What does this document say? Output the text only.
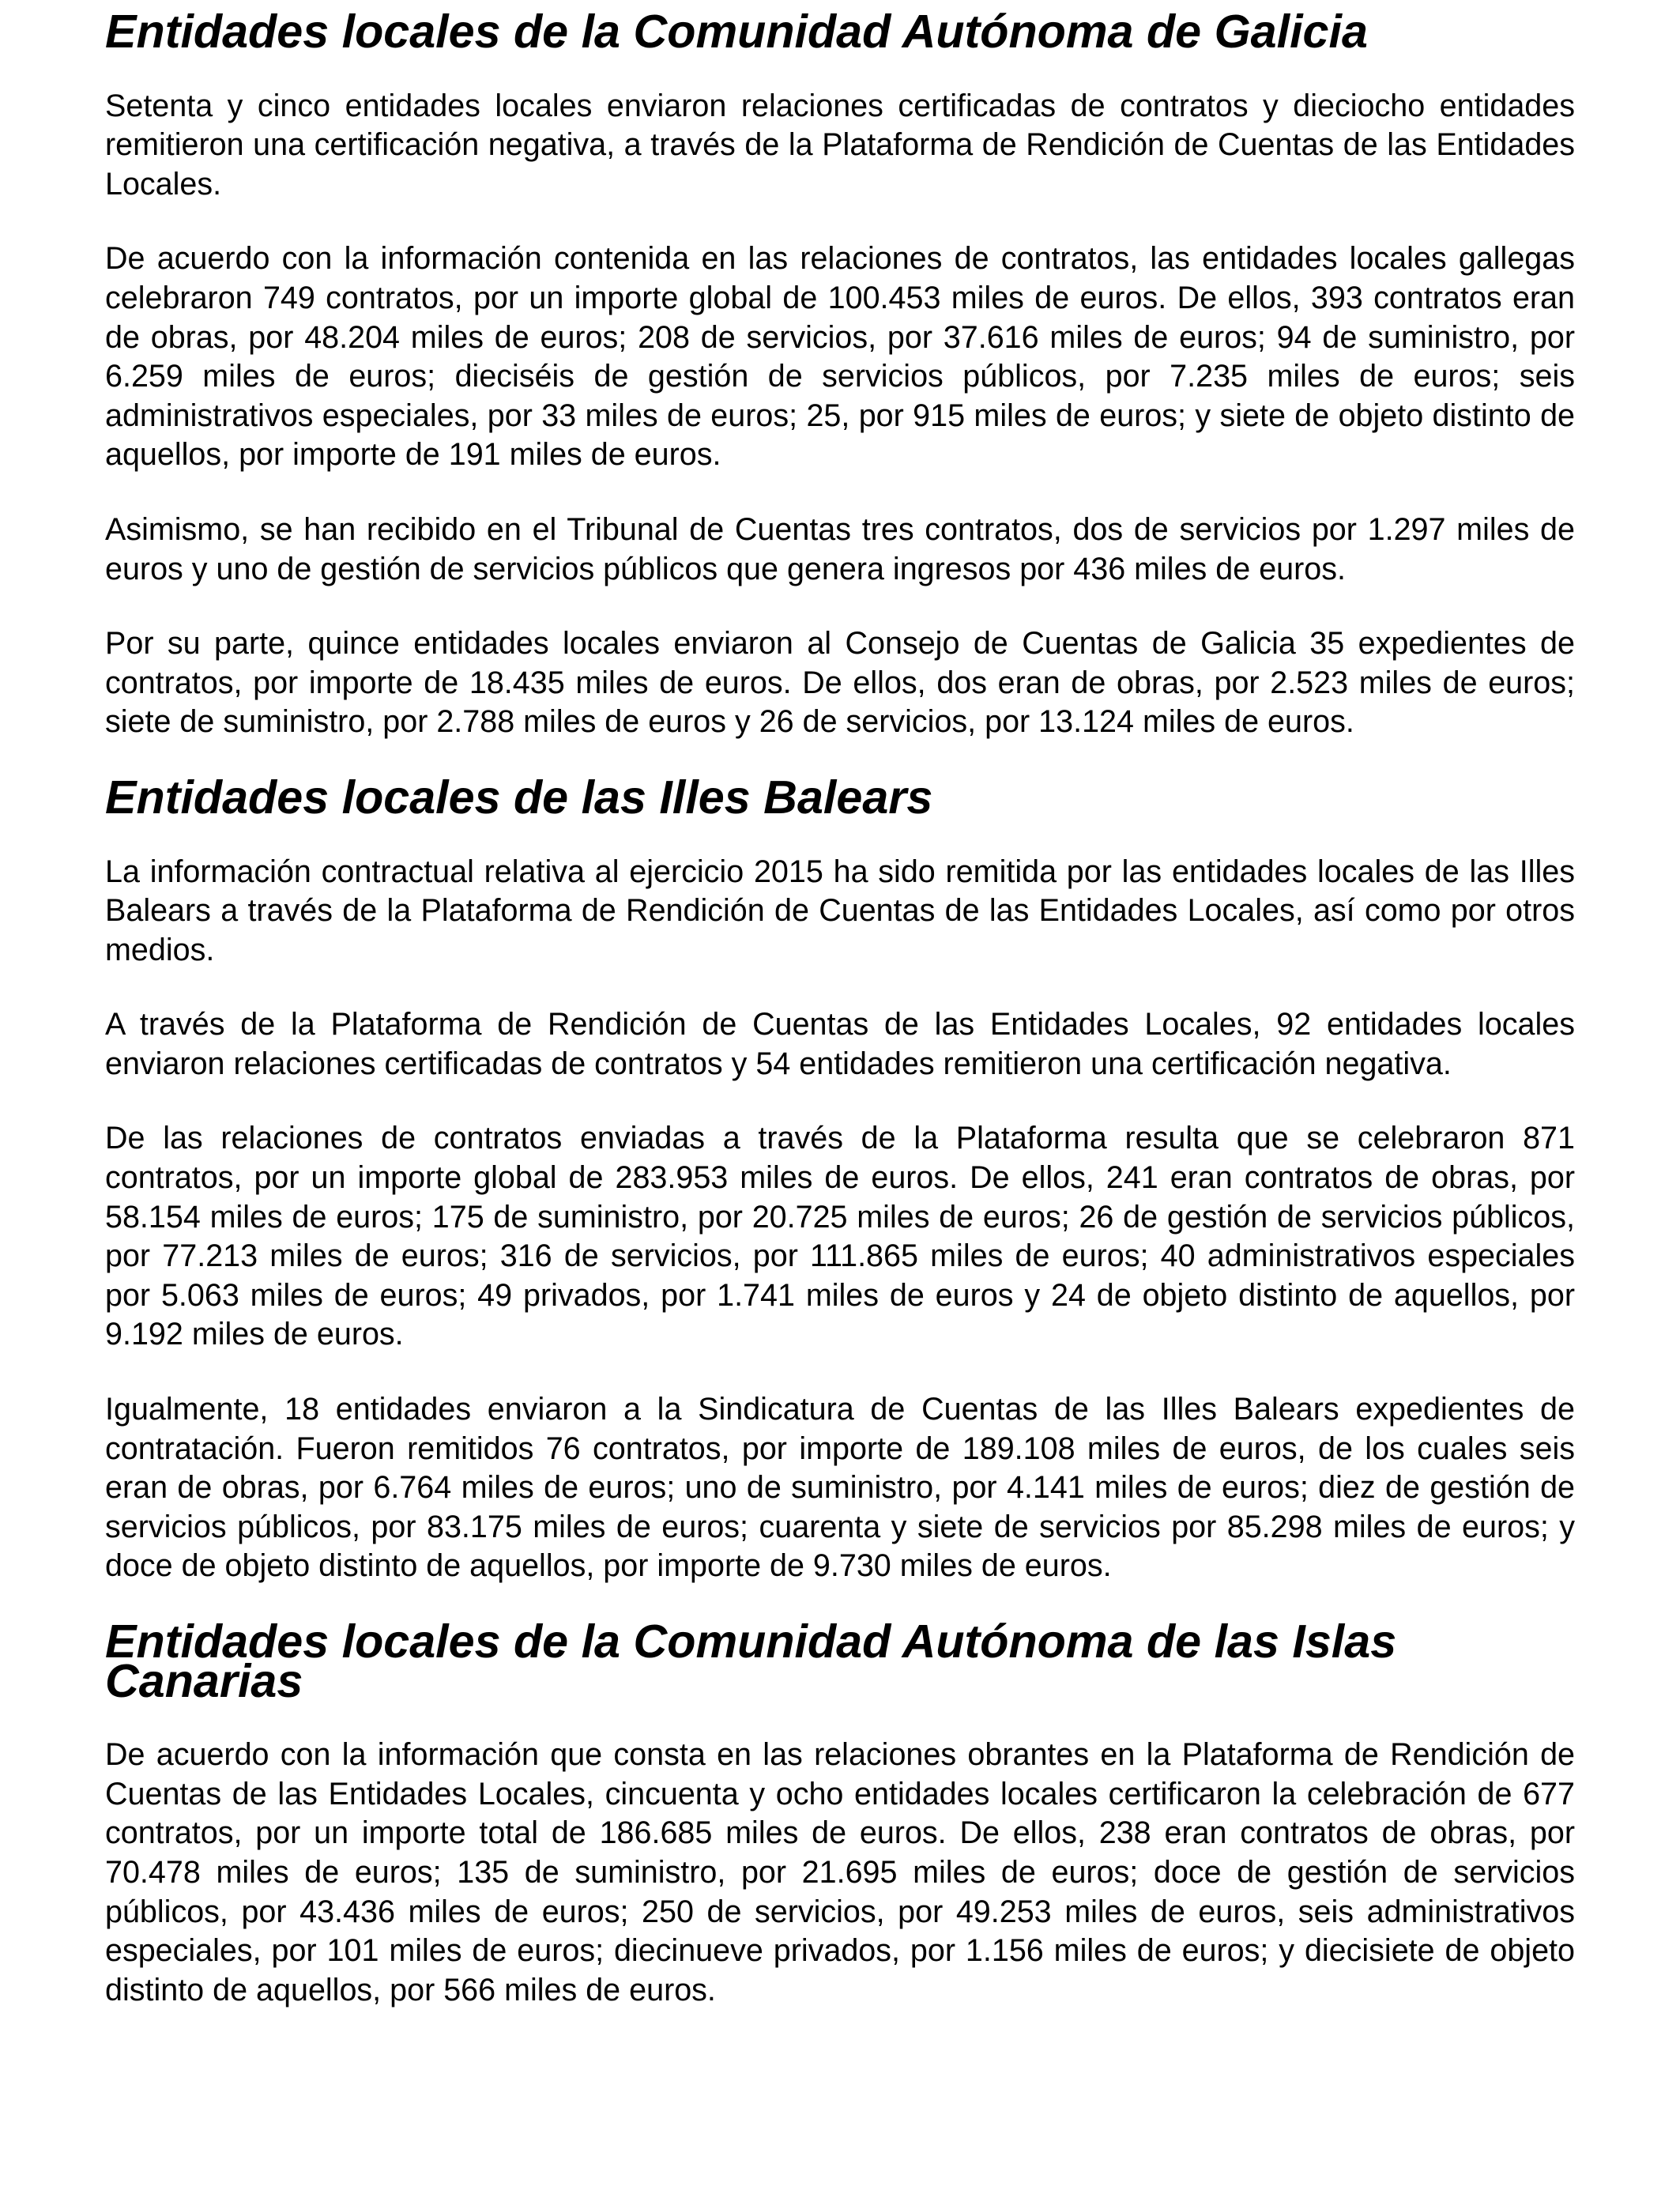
Entidades locales de la Comunidad Autónoma de Galicia

Setenta y cinco entidades locales enviaron relaciones certificadas de contratos y dieciocho entidades remitieron una certificación negativa, a través de la Plataforma de Rendición de Cuentas de las Entidades Locales.

De acuerdo con la información contenida en las relaciones de contratos, las entidades locales gallegas celebraron 749 contratos, por un importe global de 100.453 miles de euros. De ellos, 393 contratos eran de obras, por 48.204 miles de euros; 208 de servicios, por 37.616 miles de euros; 94 de suministro, por 6.259 miles de euros; dieciséis de gestión de servicios públicos, por 7.235 miles de euros; seis administrativos especiales, por 33 miles de euros; 25, por 915 miles de euros; y siete de objeto distinto de aquellos, por importe de 191 miles de euros.

Asimismo, se han recibido en el Tribunal de Cuentas tres contratos, dos de servicios por 1.297 miles de euros y uno de gestión de servicios públicos que genera ingresos por 436 miles de euros.

Por su parte, quince entidades locales enviaron al Consejo de Cuentas de Galicia 35 expedientes de contratos, por importe de 18.435 miles de euros. De ellos, dos eran de obras, por 2.523 miles de euros; siete de suministro, por 2.788 miles de euros y 26 de servicios, por 13.124 miles de euros.

Entidades locales de las Illes Balears

La información contractual relativa al ejercicio 2015 ha sido remitida por las entidades locales de las Illes Balears a través de la Plataforma de Rendición de Cuentas de las Entidades Locales, así como por otros medios.

A través de la Plataforma de Rendición de Cuentas de las Entidades Locales, 92 entidades locales enviaron relaciones certificadas de contratos y 54 entidades remitieron una certificación negativa.

De las relaciones de contratos enviadas a través de la Plataforma resulta que se celebraron 871 contratos, por un importe global de 283.953 miles de euros. De ellos, 241 eran contratos de obras, por 58.154 miles de euros; 175 de suministro, por 20.725 miles de euros; 26 de gestión de servicios públicos, por 77.213 miles de euros; 316 de servicios, por 111.865 miles de euros; 40 administrativos especiales por 5.063 miles de euros; 49 privados, por 1.741 miles de euros y 24 de objeto distinto de aquellos, por 9.192 miles de euros.

Igualmente, 18 entidades enviaron a la Sindicatura de Cuentas de las Illes Balears expedientes de contratación. Fueron remitidos 76 contratos, por importe de 189.108 miles de euros, de los cuales seis eran de obras, por 6.764 miles de euros; uno de suministro, por 4.141 miles de euros; diez de gestión de servicios públicos, por 83.175 miles de euros; cuarenta y siete de servicios por 85.298 miles de euros; y doce de objeto distinto de aquellos, por importe de 9.730 miles de euros.

Entidades locales de la Comunidad Autónoma de las Islas Canarias

De acuerdo con la información que consta en las relaciones obrantes en la Plataforma de Rendición de Cuentas de las Entidades Locales, cincuenta y ocho entidades locales certificaron la celebración de 677 contratos, por un importe total de 186.685 miles de euros. De ellos, 238 eran contratos de obras, por 70.478 miles de euros; 135 de suministro, por 21.695 miles de euros; doce de gestión de servicios públicos, por 43.436 miles de euros; 250 de servicios, por 49.253 miles de euros, seis administrativos especiales, por 101 miles de euros; diecinueve privados, por 1.156 miles de euros; y diecisiete de objeto distinto de aquellos, por 566 miles de euros.
